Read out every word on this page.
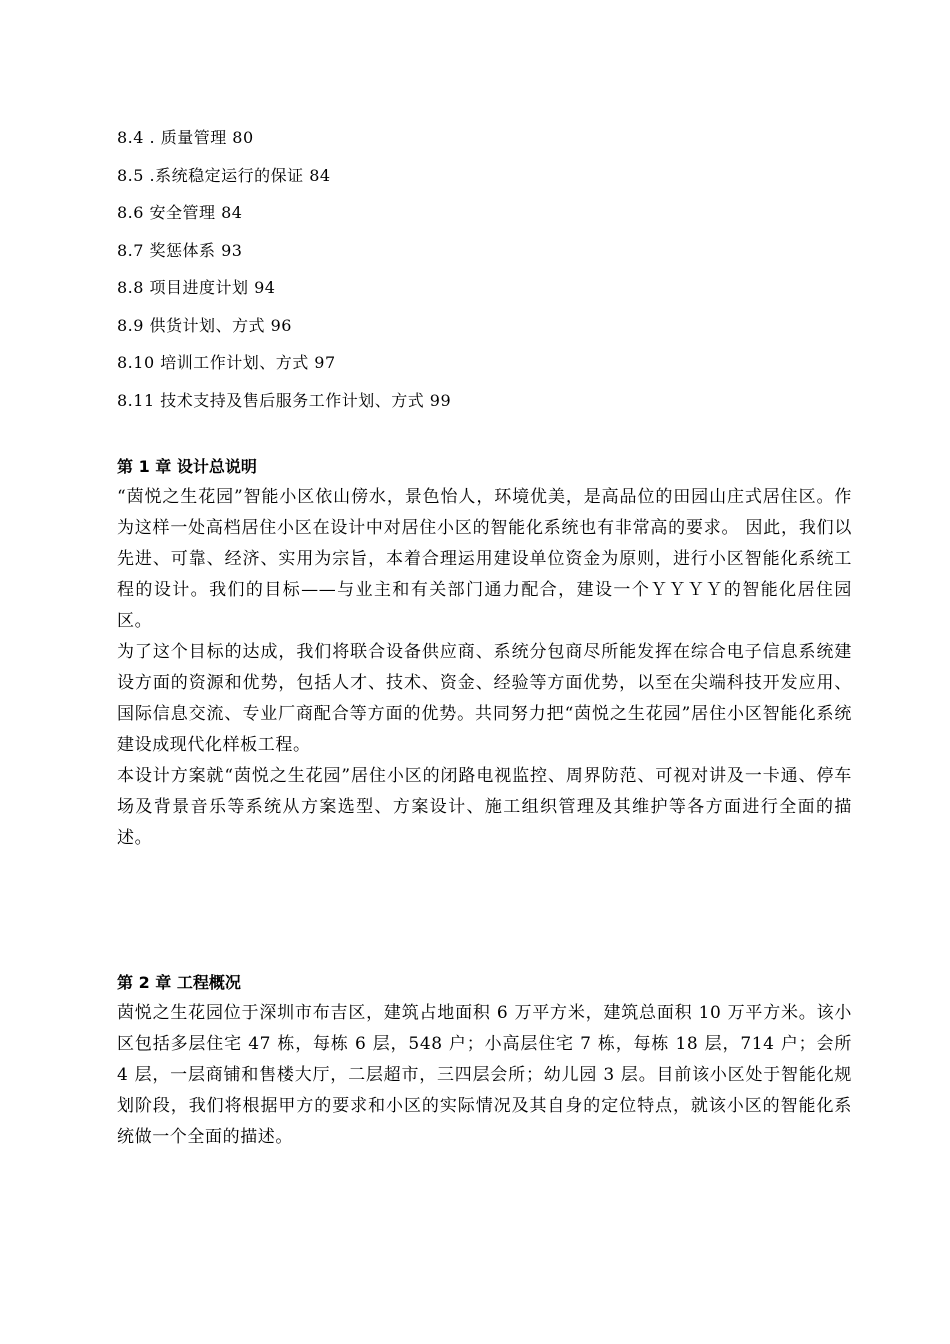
8.4 . 质量管理 80
8.5 .系统稳定运行的保证 84
8.6 安全管理 84
8.7 奖惩体系 93
8.8 项目进度计划 94
8.9 供货计划、方式 96
8.10 培训工作计划、方式 97
8.11 技术支持及售后服务工作计划、方式 99
第 1 章 设计总说明

“茵悦之生花园”智能小区依山傍水，景色怡人，环境优美，是高品位的田园山庄式居住区。作为这样一处高档居住小区在设计中对居住小区的智能化系统也有非常高的要求。 因此，我们以先进、可靠、经济、实用为宗旨，本着合理运用建设单位资金为原则，进行小区智能化系统工程的设计。我们的目标——与业主和有关部门通力配合，建设一个ＹＹＹＹ的智能化居住园区。

为了这个目标的达成，我们将联合设备供应商、系统分包商尽所能发挥在综合电子信息系统建设方面的资源和优势，包括人才、技术、资金、经验等方面优势，以至在尖端科技开发应用、国际信息交流、专业厂商配合等方面的优势。共同努力把“茵悦之生花园”居住小区智能化系统建设成现代化样板工程。

本设计方案就“茵悦之生花园”居住小区的闭路电视监控、周界防范、可视对讲及一卡通、停车场及背景音乐等系统从方案选型、方案设计、施工组织管理及其维护等各方面进行全面的描述。

第 2 章 工程概况

茵悦之生花园位于深圳市布吉区，建筑占地面积 6 万平方米，建筑总面积 10 万平方米。该小区包括多层住宅 47 栋，每栋 6 层，548 户；小高层住宅 7 栋，每栋 18 层，714 户；会所 4 层，一层商铺和售楼大厅，二层超市，三四层会所；幼儿园 3 层。目前该小区处于智能化规划阶段，我们将根据甲方的要求和小区的实际情况及其自身的定位特点，就该小区的智能化系统做一个全面的描述。
